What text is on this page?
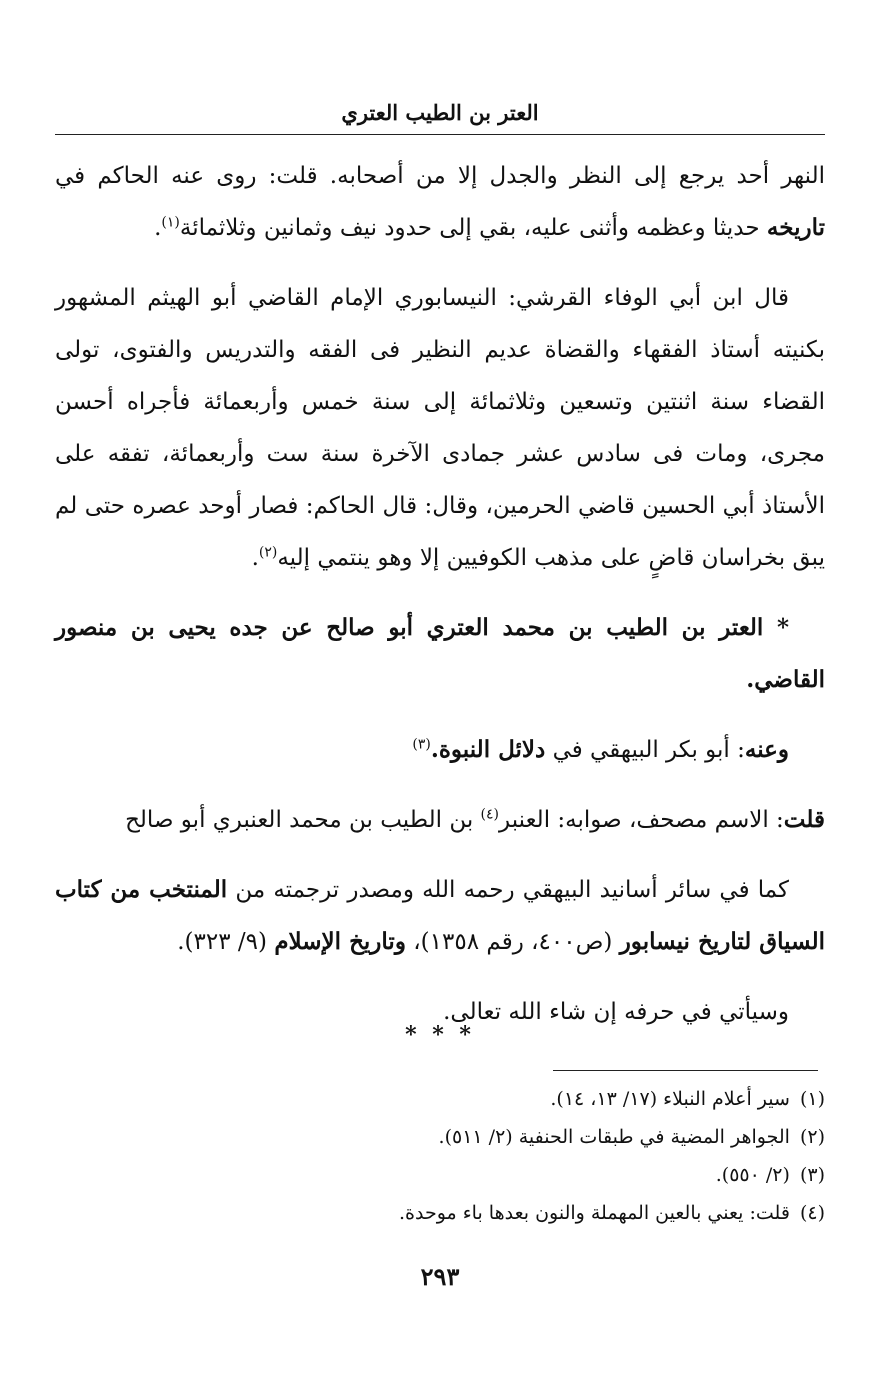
العتر بن الطيب العتري

النهر أحد يرجع إلى النظر والجدل إلا من أصحابه. قلت: روى عنه الحاكم في تاريخه حديثا وعظمه وأثنى عليه، بقي إلى حدود نيف وثمانين وثلاثمائة$^{(١)}$.

قال ابن أبي الوفاء القرشي: النيسابوري الإمام القاضي أبو الهيثم المشهور بكنيته أستاذ الفقهاء والقضاة عديم النظير فى الفقه والتدريس والفتوى، تولى القضاء سنة اثنتين وتسعين وثلاثمائة إلى سنة خمس وأربعمائة فأجراه أحسن مجرى، ومات فى سادس عشر جمادى الآخرة سنة ست وأربعمائة، تفقه على الأستاذ أبي الحسين قاضي الحرمين، وقال: قال الحاكم: فصار أوحد عصره حتى لم يبق بخراسان قاضٍ على مذهب الكوفيين إلا وهو ينتمي إليه$^{(٢)}$.

* العتر بن الطيب بن محمد العتري أبو صالح عن جده يحيى بن منصور القاضي.

وعنه: أبو بكر البيهقي في دلائل النبوة.$^{(٣)}$

قلت: الاسم مصحف، صوابه: العنبر$^{(٤)}$ بن الطيب بن محمد العنبري أبو صالح

كما في سائر أسانيد البيهقي رحمه الله ومصدر ترجمته من المنتخب من كتاب السياق لتاريخ نيسابور (ص٤٠٠، رقم ١٣٥٨)، وتاريخ الإسلام (٩/ ٣٢٣).

وسيأتي في حرفه إن شاء الله تعالى.

* * *
(١)
سير أعلام النبلاء (١٧/ ١٣، ١٤).
(٢)
الجواهر المضية في طبقات الحنفية (٢/ ٥١١).
(٣)
(٢/ ٥٥٠).
(٤)
قلت: يعني بالعين المهملة والنون بعدها باء موحدة.
٢٩٣
